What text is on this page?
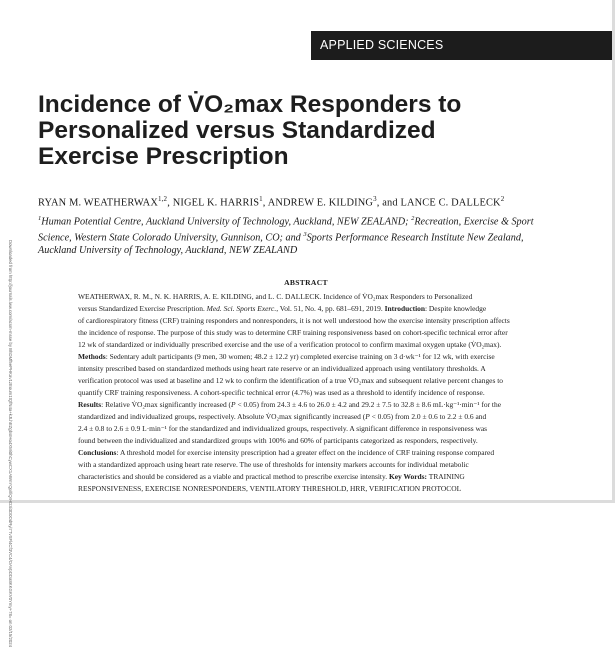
APPLIED SCIENCES
Incidence of V̇O₂max Responders to
Personalized versus Standardized
Exercise Prescription
RYAN M. WEATHERWAX$^{1,2}$, NIGEL K. HARRIS$^1$, ANDREW E. KILDING$^3$, and LANCE C. DALLECK$^2$
$^1$Human Potential Centre, Auckland University of Technology, Auckland, NEW ZEALAND; $^2$Recreation, Exercise & Sport
Science, Western State Colorado University, Gunnison, CO; and $^3$Sports Performance Research Institute New Zealand,
Auckland University of Technology, Auckland, NEW ZEALAND
Downloaded from http://journals.lww.com/acsm-msse by BhDMf5ePHKav1zEoum1tQfN4a+kJLhEZgbsIHo4XMi0hCywCX1AWnYQp/IlQrHD3i3D0OdRyi7TvSFl4Cf3VC4/OAVpDDa8KKGKV0Ymy+78= on 02/15/2024	ABSTRACT
WEATHERWAX, R. M., N. K. HARRIS, A. E. KILDING, and L. C. DALLECK. Incidence of V̇O₂max Responders to Personalized
versus Standardized Exercise Prescription. Med. Sci. Sports Exerc., Vol. 51, No. 4, pp. 681–691, 2019. Introduction: Despite knowledge
of cardiorespiratory fitness (CRF) training responders and nonresponders, it is not well understood how the exercise intensity prescription affects
the incidence of response. The purpose of this study was to determine CRF training responsiveness based on cohort-specific technical error after
12 wk of standardized or individually prescribed exercise and the use of a verification protocol to confirm maximal oxygen uptake (V̇O₂max).
Methods: Sedentary adult participants (9 men, 30 women; 48.2 ± 12.2 yr) completed exercise training on 3 d·wk⁻¹ for 12 wk, with exercise
intensity prescribed based on standardized methods using heart rate reserve or an individualized approach using ventilatory thresholds. A
verification protocol was used at baseline and 12 wk to confirm the identification of a true V̇O₂max and subsequent relative percent changes to
quantify CRF training responsiveness. A cohort-specific technical error (4.7%) was used as a threshold to identify incidence of response.
Results: Relative V̇O₂max significantly increased (P < 0.05) from 24.3 ± 4.6 to 26.0 ± 4.2 and 29.2 ± 7.5 to 32.8 ± 8.6 mL·kg⁻¹·min⁻¹ for the
standardized and individualized groups, respectively. Absolute V̇O₂max significantly increased (P < 0.05) from 2.0 ± 0.6 to 2.2 ± 0.6 and
2.4 ± 0.8 to 2.6 ± 0.9 L·min⁻¹ for the standardized and individualized groups, respectively. A significant difference in responsiveness was
found between the individualized and standardized groups with 100% and 60% of participants categorized as responders, respectively.
Conclusions: A threshold model for exercise intensity prescription had a greater effect on the incidence of CRF training response compared
with a standardized approach using heart rate reserve. The use of thresholds for intensity markers accounts for individual metabolic
characteristics and should be considered as a viable and practical method to prescribe exercise intensity. Key Words: TRAINING
RESPONSIVENESS, EXERCISE NONRESPONDERS, VENTILATORY THRESHOLD, HRR, VERIFICATION PROTOCOL
